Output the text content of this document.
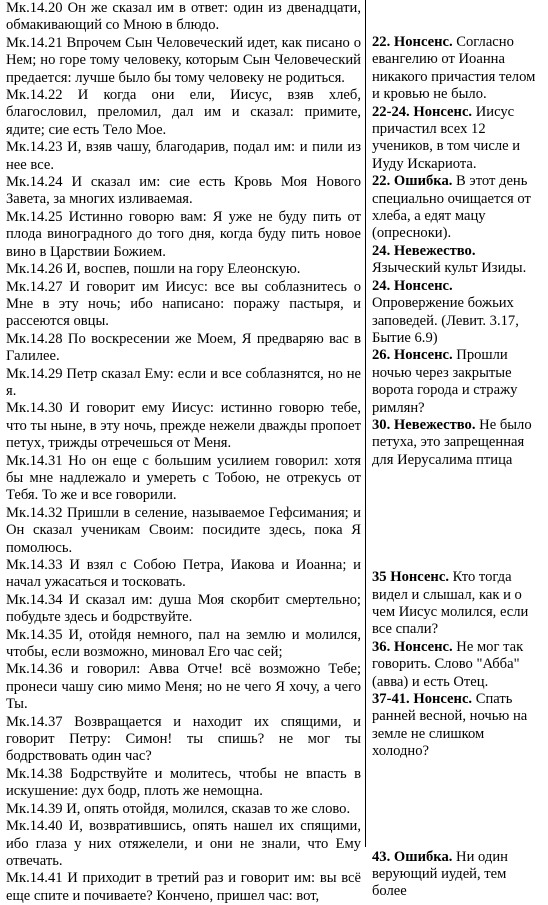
Мк.14.20 Он же сказал им в ответ: один из двенадцати, обмакивающий со Мною в блюдо.

Мк.14.21 Впрочем Сын Человеческий идет, как писано о Нем; но горе тому человеку, которым Сын Человеческий предается: лучше было бы тому человеку не родиться.

Мк.14.22 И когда они ели, Иисус, взяв хлеб, благословил, преломил, дал им и сказал: примите, ядите; сие есть Тело Мое.

Мк.14.23 И, взяв чашу, благодарив, подал им: и пили из нее все.

Мк.14.24 И сказал им: сие есть Кровь Моя Нового Завета, за многих изливаемая.

Мк.14.25 Истинно говорю вам: Я уже не буду пить от плода виноградного до того дня, когда буду пить новое вино в Царствии Божием.

Мк.14.26 И, воспев, пошли на гору Елеонскую.

Мк.14.27 И говорит им Иисус: все вы соблазнитесь о Мне в эту ночь; ибо написано: поражу пастыря, и рассеются овцы.

Мк.14.28 По воскресении же Моем, Я предваряю вас в Галилее.

Мк.14.29 Петр сказал Ему: если и все соблазнятся, но не я.

Мк.14.30 И говорит ему Иисус: истинно говорю тебе, что ты ныне, в эту ночь, прежде нежели дважды пропоет петух, трижды отречешься от Меня.

Мк.14.31 Но он еще с большим усилием говорил: хотя бы мне надлежало и умереть с Тобою, не отрекусь от Тебя. То же и все говорили.

Мк.14.32 Пришли в селение, называемое Гефсимания; и Он сказал ученикам Своим: посидите здесь, пока Я помолюсь.

Мк.14.33 И взял с Собою Петра, Иакова и Иоанна; и начал ужасаться и тосковать.

Мк.14.34 И сказал им: душа Моя скорбит смертельно; побудьте здесь и бодрствуйте.

Мк.14.35 И, отойдя немного, пал на землю и молился, чтобы, если возможно, миновал Его час сей;

Мк.14.36 и говорил: Авва Отче! всё возможно Тебе; пронеси чашу сию мимо Меня; но не чего Я хочу, а чего Ты.

Мк.14.37 Возвращается и находит их спящими, и говорит Петру: Симон! ты спишь? не мог ты бодрствовать один час?

Мк.14.38 Бодрствуйте и молитесь, чтобы не впасть в искушение: дух бодр, плоть же немощна.

Мк.14.39 И, опять отойдя, молился, сказав то же слово.

Мк.14.40 И, возвратившись, опять нашел их спящими, ибо глаза у них отяжелели, и они не знали, что Ему отвечать.

Мк.14.41 И приходит в третий раз и говорит им: вы всё еще спите и почиваете? Кончено, пришел час: вот,

22. Нонсенс. Согласно евангелию от Иоанна никакого причастия телом и кровью не было.

22-24. Нонсенс. Иисус причастил всех 12 учеников, в том числе и Иуду Искариота.

22. Ошибка. В этот день специально очищается от хлеба, а едят мацу (опресноки).

24. Невежество. Языческий культ Изиды.

24. Нонсенс. Опровержение божьих заповедей. (Левит. 3.17, Бытие 6.9)

26. Нонсенс. Прошли ночью через закрытые ворота города и стражу римлян?

30. Невежество. Не было петуха, это запрещенная для Иерусалима птица

35 Нонсенс. Кто тогда видел и слышал, как и о чем Иисус молился, если все спали?

36. Нонсенс. Не мог так говорить. Слово "Абба" (авва) и есть Отец.

37-41. Нонсенс. Спать ранней весной, ночью на земле не слишком холодно?

43. Ошибка. Ни один верующий иудей, тем более
